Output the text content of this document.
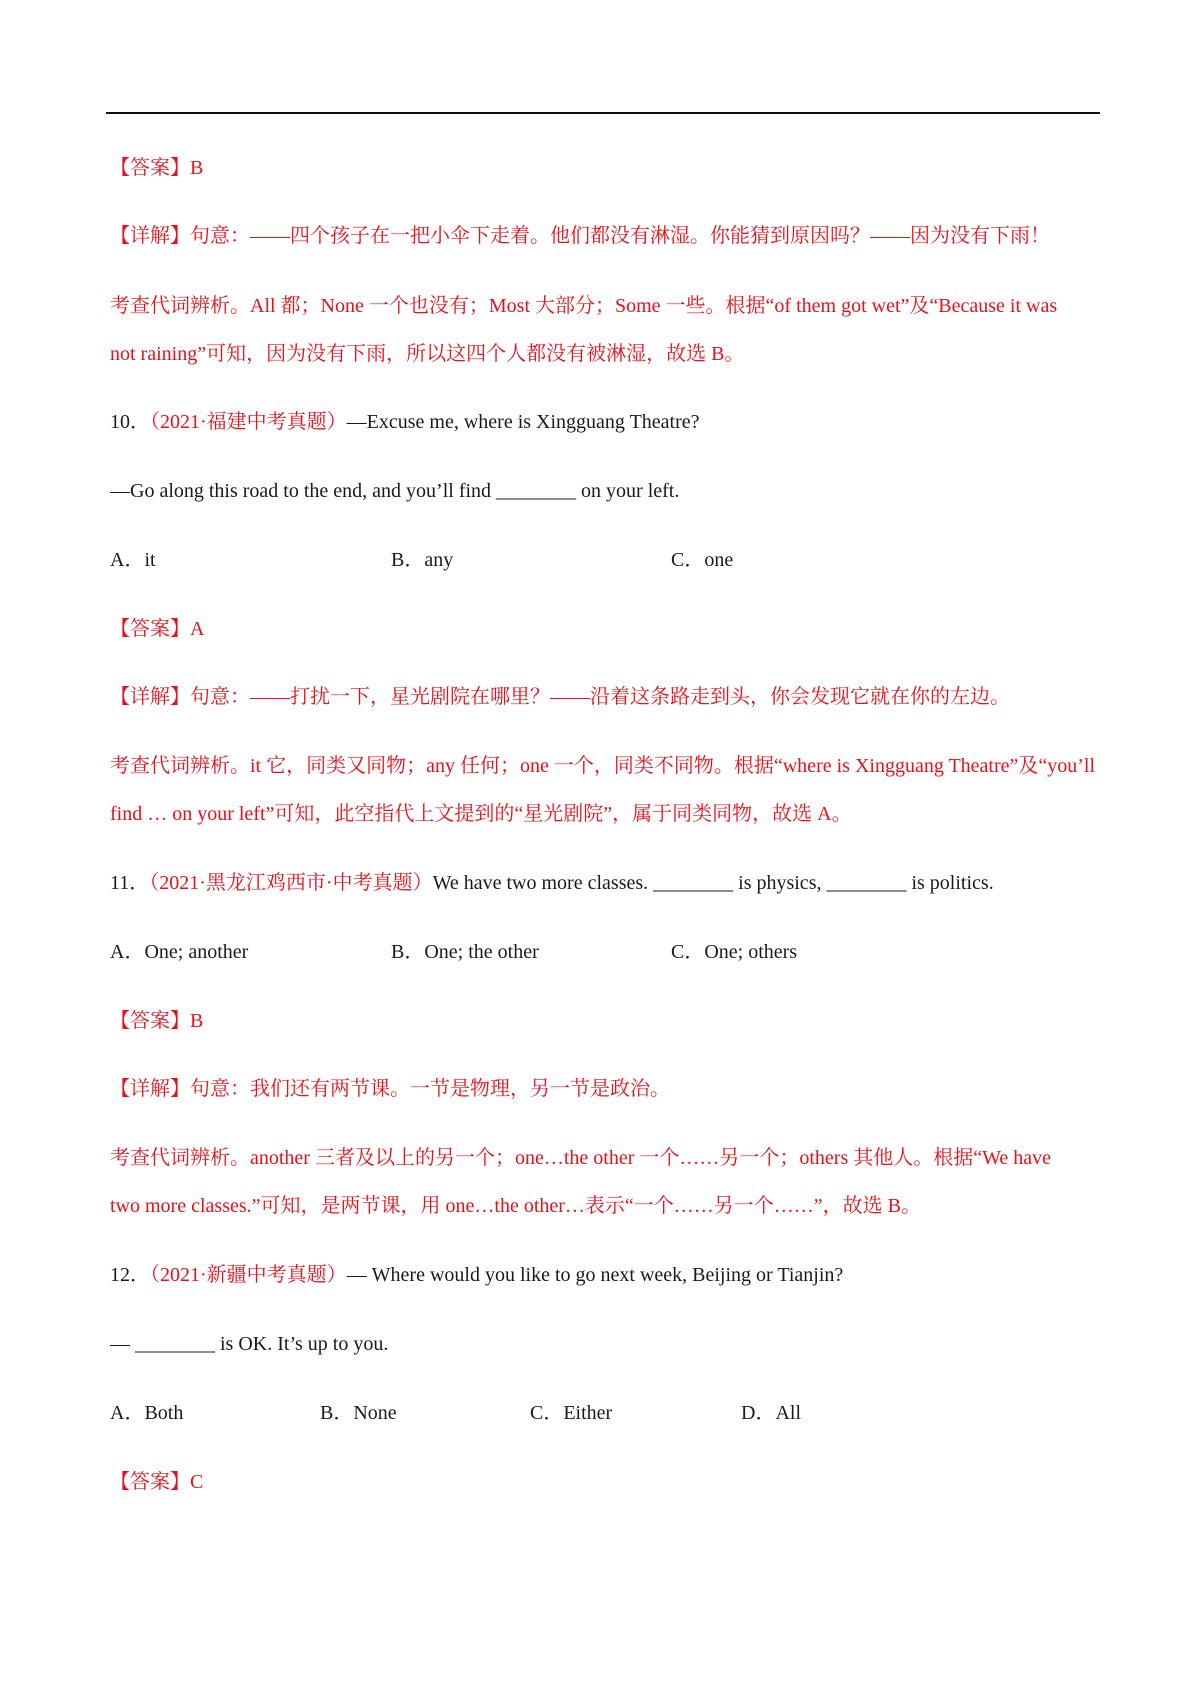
【答案】B
【详解】句意：——四个孩子在一把小伞下走着。他们都没有淋湿。你能猜到原因吗？——因为没有下雨！
考查代词辨析。All 都；None 一个也没有；Most 大部分；Some 一些。根据“of them got wet”及“Because it was
not raining”可知，因为没有下雨，所以这四个人都没有被淋湿，故选 B。
10．（2021·福建中考真题）—Excuse me, where is Xingguang Theatre?
—Go along this road to the end, and you’ll find ________ on your left.
A．it	B．any	C．one
【答案】A
【详解】句意：——打扰一下，星光剧院在哪里？——沿着这条路走到头，你会发现它就在你的左边。
考查代词辨析。it 它，同类又同物；any 任何；one 一个，同类不同物。根据“where is Xingguang Theatre”及“you’ll
find … on your left”可知，此空指代上文提到的“星光剧院”，属于同类同物，故选 A。
11．（2021·黑龙江鸡西市·中考真题）We have two more classes. ________ is physics, ________ is politics.
A．One; another	B．One; the other	C．One; others
【答案】B
【详解】句意：我们还有两节课。一节是物理，另一节是政治。
考查代词辨析。another 三者及以上的另一个；one…the other 一个……另一个；others 其他人。根据“We have
two more classes.”可知，是两节课，用 one…the other…表示“一个……另一个……”，故选 B。
12．（2021·新疆中考真题）— Where would you like to go next week, Beijing or Tianjin?
— ________ is OK. It’s up to you.
A．Both	B．None	C．Either	D．All
【答案】C
